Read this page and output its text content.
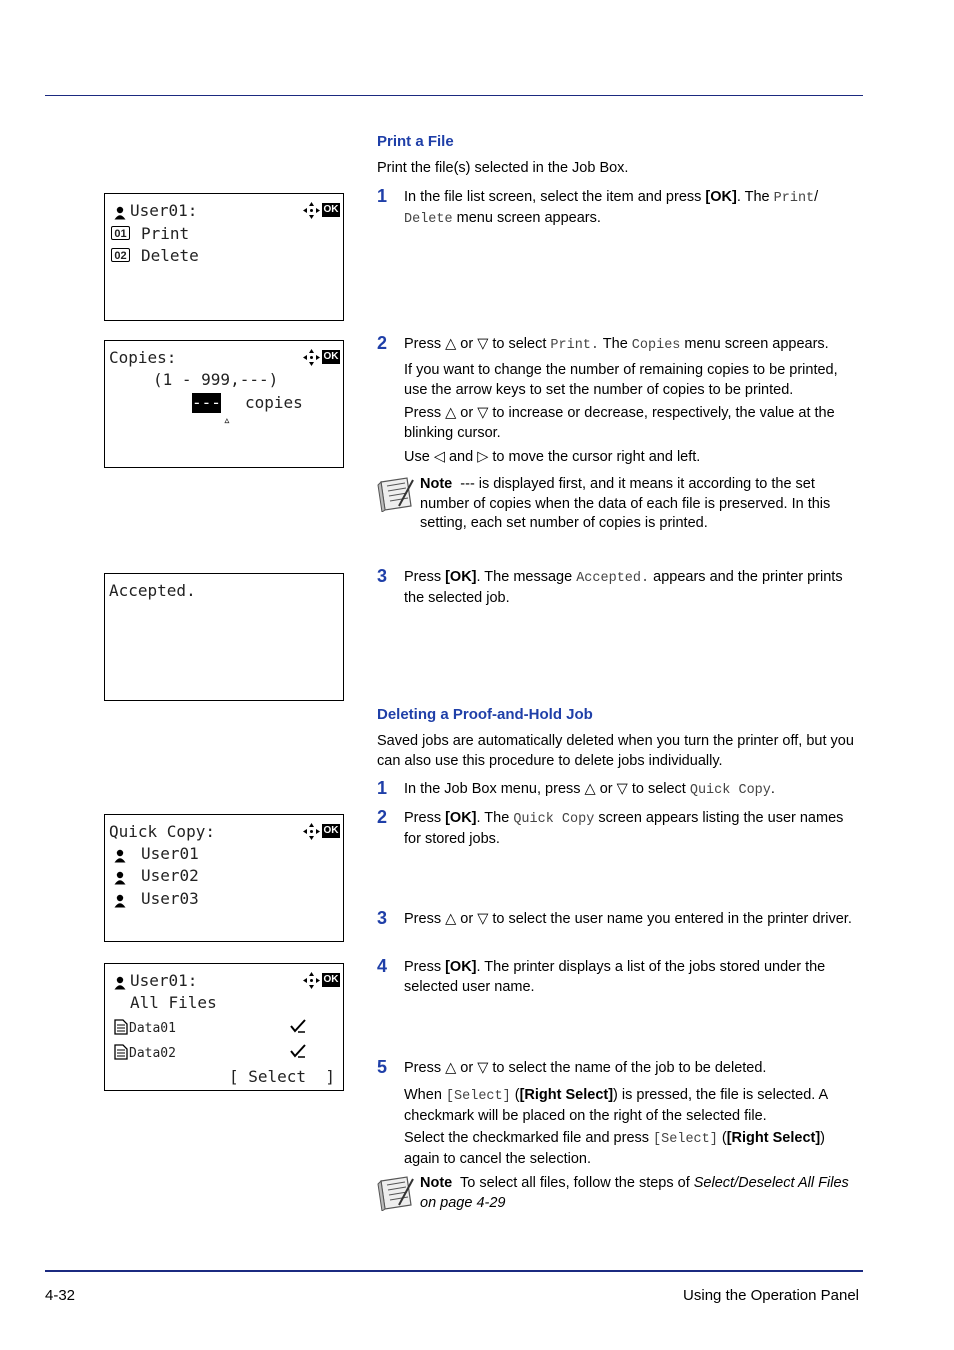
Print a File

Print the file(s) selected in the Job Box.

1 In the file list screen, select the item and press [OK]. The Print/
Delete menu screen appears.

2 Press △ or ▽ to select Print. The Copies menu screen appears.

If you want to change the number of remaining copies to be printed, use the arrow keys to set the number of copies to be printed.

Press △ or ▽ to increase or decrease, respectively, the value at the blinking cursor.

Use ◁ and ▷ to move the cursor right and left.

Note --- is displayed first, and it means it according to the set number of copies when the data of each file is preserved. In this setting, each set number of copies is printed.

3 Press [OK]. The message Accepted. appears and the printer prints the selected job.

Deleting a Proof-and-Hold Job

Saved jobs are automatically deleted when you turn the printer off, but you can also use this procedure to delete jobs individually.

1 In the Job Box menu, press △ or ▽ to select Quick Copy.

2 Press [OK]. The Quick Copy screen appears listing the user names for stored jobs.

3 Press △ or ▽ to select the user name you entered in the printer driver.

4 Press [OK]. The printer displays a list of the jobs stored under the selected user name.

5 Press △ or ▽ to select the name of the job to be deleted.

When [Select] ([Right Select]) is pressed, the file is selected. A checkmark will be placed on the right of the selected file.

Select the checkmarked file and press [Select] ([Right Select]) again to cancel the selection.

Note To select all files, follow the steps of Select/Deselect All Files on page 4-29

User01:	OK
01 Print
02 Delete
Copies:	OK
(1 - 999,---)
--- copies
▵
Accepted.
Quick Copy:	OK
User01
User02
User03
User01:	OK
All Files
Data01
Data02
[ Select  ]

4-32	Using the Operation Panel
